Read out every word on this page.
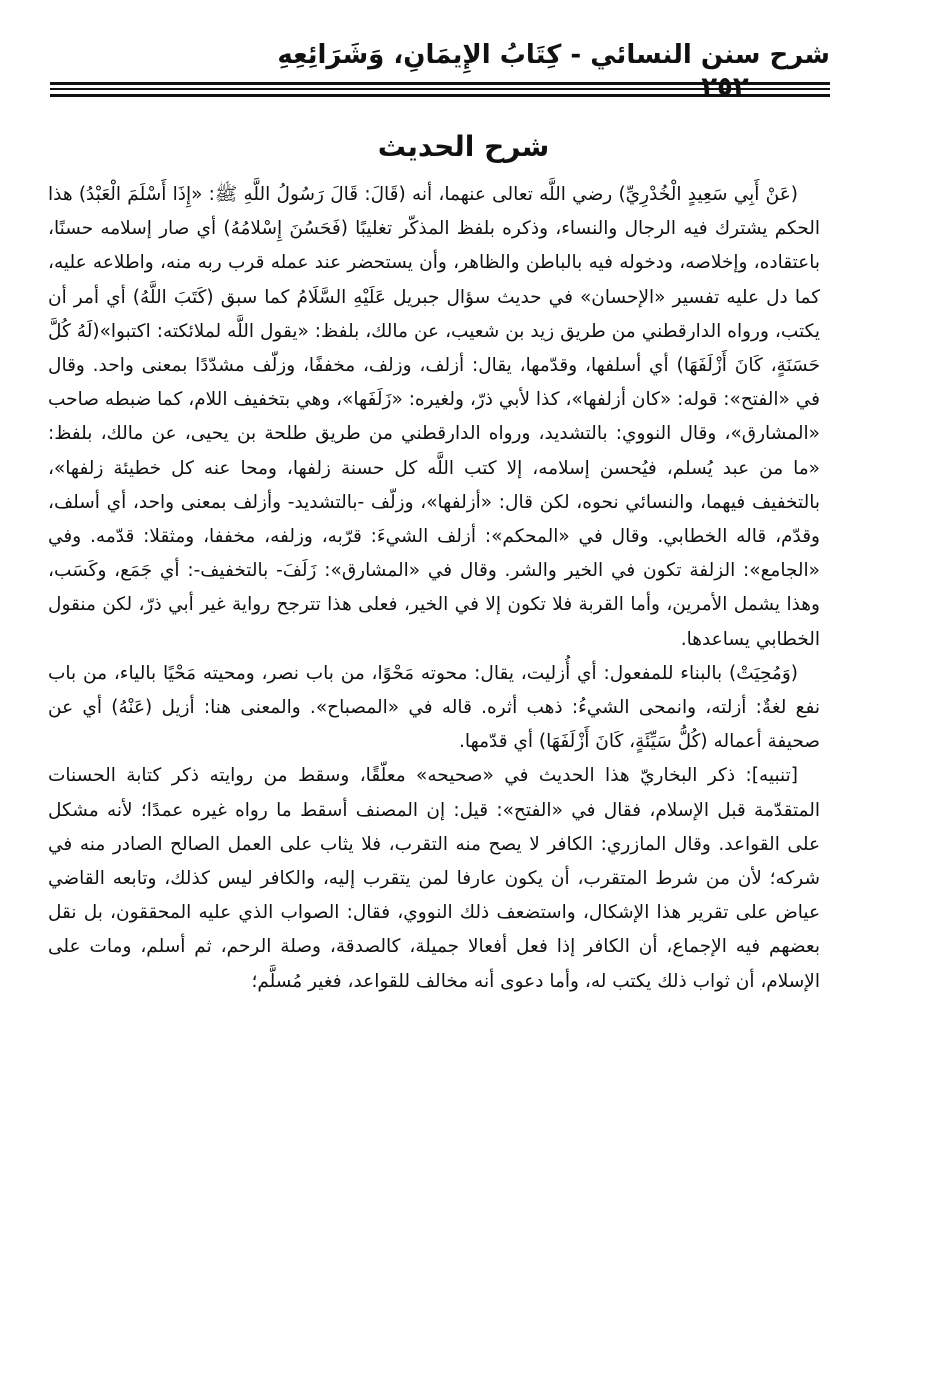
شرح سنن النسائي - كِتَابُ الإِيمَانِ، وَشَرَائِعِهِ
٢٥٢
شرح الحديث

(عَنْ أَبِي سَعِيدٍ الْخُدْرِيِّ) رضي اللَّه تعالى عنهما، أنه (قَالَ: قَالَ رَسُولُ اللَّهِ ﷺ: «إِذَا أَسْلَمَ الْعَبْدُ) هذا الحكم يشترك فيه الرجال والنساء، وذكره بلفظ المذكّر تغليبًا (فَحَسُنَ إِسْلامُهُ) أي صار إسلامه حسنًا، باعتقاده، وإخلاصه، ودخوله فيه بالباطن والظاهر، وأن يستحضر عند عمله قرب ربه منه، واطلاعه عليه، كما دل عليه تفسير «الإحسان» في حديث سؤال جبريل عَلَيْهِ السَّلَامُ كما سبق (كَتَبَ اللَّهُ) أي أمر أن يكتب، ورواه الدارقطني من طريق زيد بن شعيب، عن مالك، بلفظ: «يقول اللَّه لملائكته: اكتبوا»(لَهُ كُلَّ حَسَنَةٍ، كَانَ أَزْلَفَهَا) أي أسلفها، وقدّمها، يقال: أزلف، وزلف، مخففًا، وزلّف مشدّدًا بمعنى واحد. وقال في «الفتح»: قوله: «كان أزلفها»، كذا لأبي ذرّ، ولغيره: «زَلَفَها»، وهي بتخفيف اللام، كما ضبطه صاحب «المشارق»، وقال النووي: بالتشديد، ورواه الدارقطني من طريق طلحة بن يحيى، عن مالك، بلفظ: «ما من عبد يُسلم، فيُحسن إسلامه، إلا كتب اللَّه كل حسنة زلفها، ومحا عنه كل خطيئة زلفها»، بالتخفيف فيهما، والنسائي نحوه، لكن قال: «أزلفها»، وزلّف -بالتشديد- وأزلف بمعنى واحد، أي أسلف، وقدّم، قاله الخطابي. وقال في «المحكم»: أزلف الشيءَ: قرّبه، وزلفه، مخففا، ومثقلا: قدّمه. وفي «الجامع»: الزلفة تكون في الخير والشر. وقال في «المشارق»: زَلَفَ- بالتخفيف-: أي جَمَع، وكَسَب، وهذا يشمل الأمرين، وأما القربة فلا تكون إلا في الخير، فعلى هذا تترجح رواية غير أبي ذرّ، لكن منقول الخطابي يساعدها.

(وَمُحِيَتْ) بالبناء للمفعول: أي أُزليت، يقال: محوته مَحْوًا، من باب نصر، ومحيته مَحْيًا بالياء، من باب نفع لغةٌ: أزلته، وانمحى الشيءُ: ذهب أثره. قاله في «المصباح». والمعنى هنا: أزيل (عَنْهُ) أي عن صحيفة أعماله (كُلُّ سَيِّئَةٍ، كَانَ أَزْلَفَهَا) أي قدّمها.

[تنبيه]: ذكر البخاريّ هذا الحديث في «صحيحه» معلّقًا، وسقط من روايته ذكر كتابة الحسنات المتقدّمة قبل الإسلام، فقال في «الفتح»: قيل: إن المصنف أسقط ما رواه غيره عمدًا؛ لأنه مشكل على القواعد. وقال المازري: الكافر لا يصح منه التقرب، فلا يثاب على العمل الصالح الصادر منه في شركه؛ لأن من شرط المتقرب، أن يكون عارفا لمن يتقرب إليه، والكافر ليس كذلك، وتابعه القاضي عياض على تقرير هذا الإشكال، واستضعف ذلك النووي، فقال: الصواب الذي عليه المحققون، بل نقل بعضهم فيه الإجماع، أن الكافر إذا فعل أفعالا جميلة، كالصدقة، وصلة الرحم، ثم أسلم، ومات على الإسلام، أن ثواب ذلك يكتب له، وأما دعوى أنه مخالف للقواعد، فغير مُسلَّم؛
